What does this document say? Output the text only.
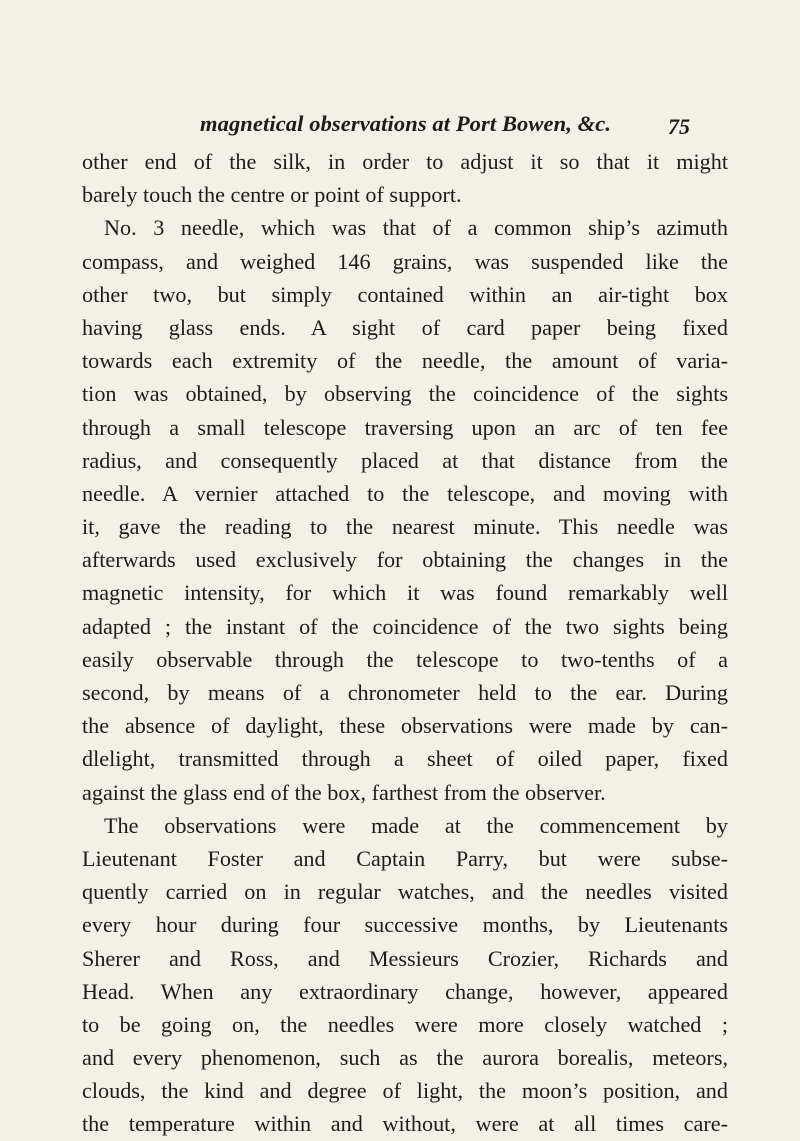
magnetical observations at Port Bowen, &c.	75
other end of the silk, in order to adjust it so that it might
barely touch the centre or point of support.
No. 3 needle, which was that of a common ship’s azimuth
compass, and weighed 146 grains, was suspended like the
other two, but simply contained within an air-tight box
having glass ends. A sight of card paper being fixed
towards each extremity of the needle, the amount of varia-
tion was obtained, by observing the coincidence of the sights
through a small telescope traversing upon an arc of ten fee
radius, and consequently placed at that distance from the
needle. A vernier attached to the telescope, and moving with
it, gave the reading to the nearest minute. This needle was
afterwards used exclusively for obtaining the changes in the
magnetic intensity, for which it was found remarkably well
adapted ; the instant of the coincidence of the two sights being
easily observable through the telescope to two-tenths of a
second, by means of a chronometer held to the ear. During
the absence of daylight, these observations were made by can-
dlelight, transmitted through a sheet of oiled paper, fixed
against the glass end of the box, farthest from the observer.
The observations were made at the commencement by
Lieutenant Foster and Captain Parry, but were subse-
quently carried on in regular watches, and the needles visited
every hour during four successive months, by Lieutenants
Sherer and Ross, and Messieurs Crozier, Richards and
Head. When any extraordinary change, however, appeared
to be going on, the needles were more closely watched ;
and every phenomenon, such as the aurora borealis, meteors,
clouds, the kind and degree of light, the moon’s position, and
the temperature within and without, were at all times care-
